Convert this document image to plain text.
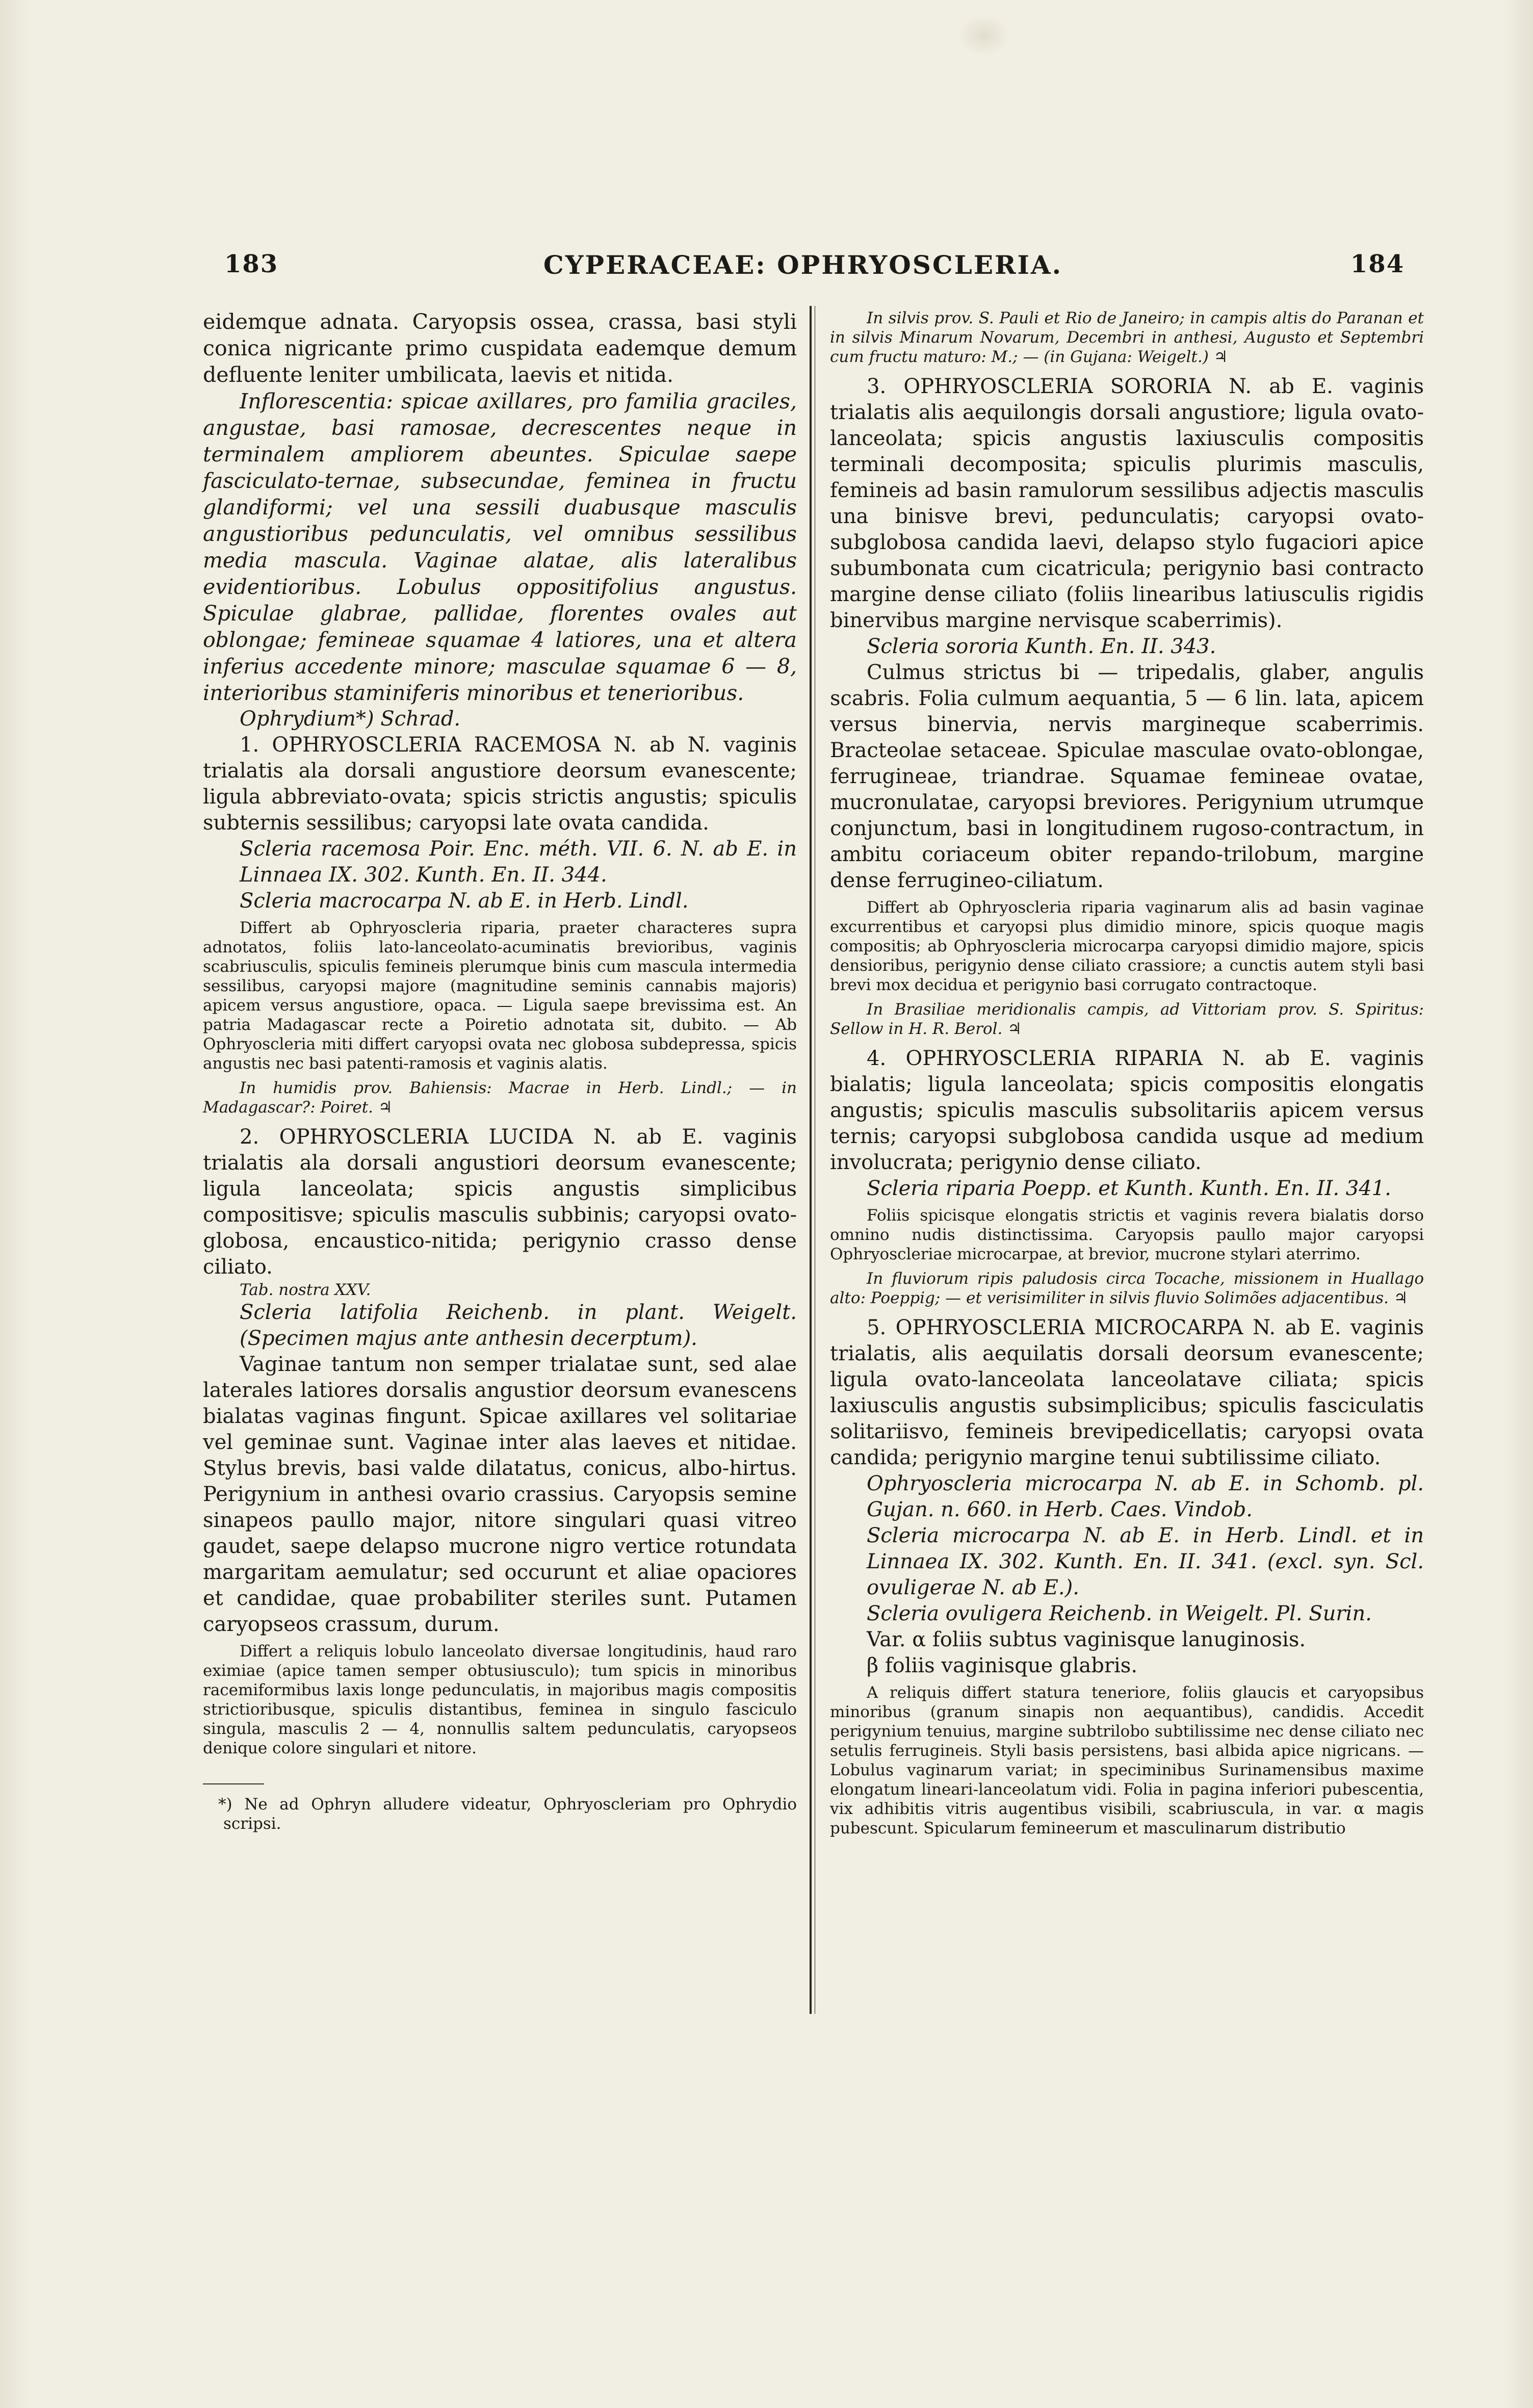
183	CYPERACEAE: OPHRYOSCLERIA.	184

eidemque adnata. Caryopsis ossea, crassa, basi styli conica nigricante primo cuspidata eademque demum defluente leniter umbilicata, laevis et nitida.

Inflorescentia: spicae axillares, pro familia graciles, angustae, basi ramosae, decrescentes neque in terminalem ampliorem abeuntes. Spiculae saepe fasciculato-ternae, subsecundae, feminea in fructu glandiformi; vel una sessili duabusque masculis angustioribus pedunculatis, vel omnibus sessilibus media mascula. Vaginae alatae, alis lateralibus evidentioribus. Lobulus oppositifolius angustus. Spiculae glabrae, pallidae, florentes ovales aut oblongae; femineae squamae 4 latiores, una et altera inferius accedente minore; masculae squamae 6 — 8, interioribus staminiferis minoribus et tenerioribus.

Ophrydium*) Schrad.

1. OPHRYOSCLERIA RACEMOSA N. ab N. vaginis trialatis ala dorsali angustiore deorsum evanescente; ligula abbreviato-ovata; spicis strictis angustis; spiculis subternis sessilibus; caryopsi late ovata candida.

Scleria racemosa Poir. Enc. méth. VII. 6. N. ab E. in Linnaea IX. 302. Kunth. En. II. 344.

Scleria macrocarpa N. ab E. in Herb. Lindl.

Differt ab Ophryoscleria riparia, praeter characteres supra adnotatos, foliis lato-lanceolato-acuminatis brevioribus, vaginis scabriusculis, spiculis femineis plerumque binis cum mascula intermedia sessilibus, caryopsi majore (magnitudine seminis cannabis majoris) apicem versus angustiore, opaca. — Ligula saepe brevissima est. An patria Madagascar recte a Poiretio adnotata sit, dubito. — Ab Ophryoscleria miti differt caryopsi ovata nec globosa subdepressa, spicis angustis nec basi patenti-ramosis et vaginis alatis.

In humidis prov. Bahiensis: Macrae in Herb. Lindl.; — in Madagascar?: Poiret. ♃

2. OPHRYOSCLERIA LUCIDA N. ab E. vaginis trialatis ala dorsali angustiori deorsum evanescente; ligula lanceolata; spicis angustis simplicibus compositisve; spiculis masculis subbinis; caryopsi ovato-globosa, encaustico-nitida; perigynio crasso dense ciliato.

Tab. nostra XXV.

Scleria latifolia Reichenb. in plant. Weigelt. (Specimen majus ante anthesin decerptum).

Vaginae tantum non semper trialatae sunt, sed alae laterales latiores dorsalis angustior deorsum evanescens bialatas vaginas fingunt. Spicae axillares vel solitariae vel geminae sunt. Vaginae inter alas laeves et nitidae. Stylus brevis, basi valde dilatatus, conicus, albo-hirtus. Perigynium in anthesi ovario crassius. Caryopsis semine sinapeos paullo major, nitore singulari quasi vitreo gaudet, saepe delapso mucrone nigro vertice rotundata margaritam aemulatur; sed occurunt et aliae opaciores et candidae, quae probabiliter steriles sunt. Putamen caryopseos crassum, durum.

Differt a reliquis lobulo lanceolato diversae longitudinis, haud raro eximiae (apice tamen semper obtusiusculo); tum spicis in minoribus racemiformibus laxis longe pedunculatis, in majoribus magis compositis strictioribusque, spiculis distantibus, feminea in singulo fasciculo singula, masculis 2 — 4, nonnullis saltem pedunculatis, caryopseos denique colore singulari et nitore.

*) Ne ad Ophryn alludere videatur, Ophryoscleriam pro Ophrydio scripsi.

In silvis prov. S. Pauli et Rio de Janeiro; in campis altis do Paranan et in silvis Minarum Novarum, Decembri in anthesi, Augusto et Septembri cum fructu maturo: M.; — (in Gujana: Weigelt.) ♃

3. OPHRYOSCLERIA SORORIA N. ab E. vaginis trialatis alis aequilongis dorsali angustiore; ligula ovato-lanceolata; spicis angustis laxiusculis compositis terminali decomposita; spiculis plurimis masculis, femineis ad basin ramulorum sessilibus adjectis masculis una binisve brevi, pedunculatis; caryopsi ovato-subglobosa candida laevi, delapso stylo fugaciori apice subumbonata cum cicatricula; perigynio basi contracto margine dense ciliato (foliis linearibus latiusculis rigidis binervibus margine nervisque scaberrimis).

Scleria sororia Kunth. En. II. 343.

Culmus strictus bi — tripedalis, glaber, angulis scabris. Folia culmum aequantia, 5 — 6 lin. lata, apicem versus binervia, nervis margineque scaberrimis. Bracteolae setaceae. Spiculae masculae ovato-oblongae, ferrugineae, triandrae. Squamae femineae ovatae, mucronulatae, caryopsi breviores. Perigynium utrumque conjunctum, basi in longitudinem rugoso-contractum, in ambitu coriaceum obiter repando-trilobum, margine dense ferrugineo-ciliatum.

Differt ab Ophryoscleria riparia vaginarum alis ad basin vaginae excurrentibus et caryopsi plus dimidio minore, spicis quoque magis compositis; ab Ophryoscleria microcarpa caryopsi dimidio majore, spicis densioribus, perigynio dense ciliato crassiore; a cunctis autem styli basi brevi mox decidua et perigynio basi corrugato contractoque.

In Brasiliae meridionalis campis, ad Vittoriam prov. S. Spiritus: Sellow in H. R. Berol. ♃

4. OPHRYOSCLERIA RIPARIA N. ab E. vaginis bialatis; ligula lanceolata; spicis compositis elongatis angustis; spiculis masculis subsolitariis apicem versus ternis; caryopsi subglobosa candida usque ad medium involucrata; perigynio dense ciliato.

Scleria riparia Poepp. et Kunth. Kunth. En. II. 341.

Foliis spicisque elongatis strictis et vaginis revera bialatis dorso omnino nudis distinctissima. Caryopsis paullo major caryopsi Ophryoscleriae microcarpae, at brevior, mucrone stylari aterrimo.

In fluviorum ripis paludosis circa Tocache, missionem in Huallago alto: Poeppig; — et verisimiliter in silvis fluvio Solimões adjacentibus. ♃

5. OPHRYOSCLERIA MICROCARPA N. ab E. vaginis trialatis, alis aequilatis dorsali deorsum evanescente; ligula ovato-lanceolata lanceolatave ciliata; spicis laxiusculis angustis subsimplicibus; spiculis fasciculatis solitariisvo, femineis brevipedicellatis; caryopsi ovata candida; perigynio margine tenui subtilissime ciliato.

Ophryoscleria microcarpa N. ab E. in Schomb. pl. Gujan. n. 660. in Herb. Caes. Vindob.

Scleria microcarpa N. ab E. in Herb. Lindl. et in Linnaea IX. 302. Kunth. En. II. 341. (excl. syn. Scl. ovuligerae N. ab E.).

Scleria ovuligera Reichenb. in Weigelt. Pl. Surin.

Var. α foliis subtus vaginisque lanuginosis.

β foliis vaginisque glabris.

A reliquis differt statura teneriore, foliis glaucis et caryopsibus minoribus (granum sinapis non aequantibus), candidis. Accedit perigynium tenuius, margine subtrilobo subtilissime nec dense ciliato nec setulis ferrugineis. Styli basis persistens, basi albida apice nigricans. — Lobulus vaginarum variat; in speciminibus Surinamensibus maxime elongatum lineari-lanceolatum vidi. Folia in pagina inferiori pubescentia, vix adhibitis vitris augentibus visibili, scabriuscula, in var. α magis pubescunt. Spicularum femineerum et masculinarum distributio
